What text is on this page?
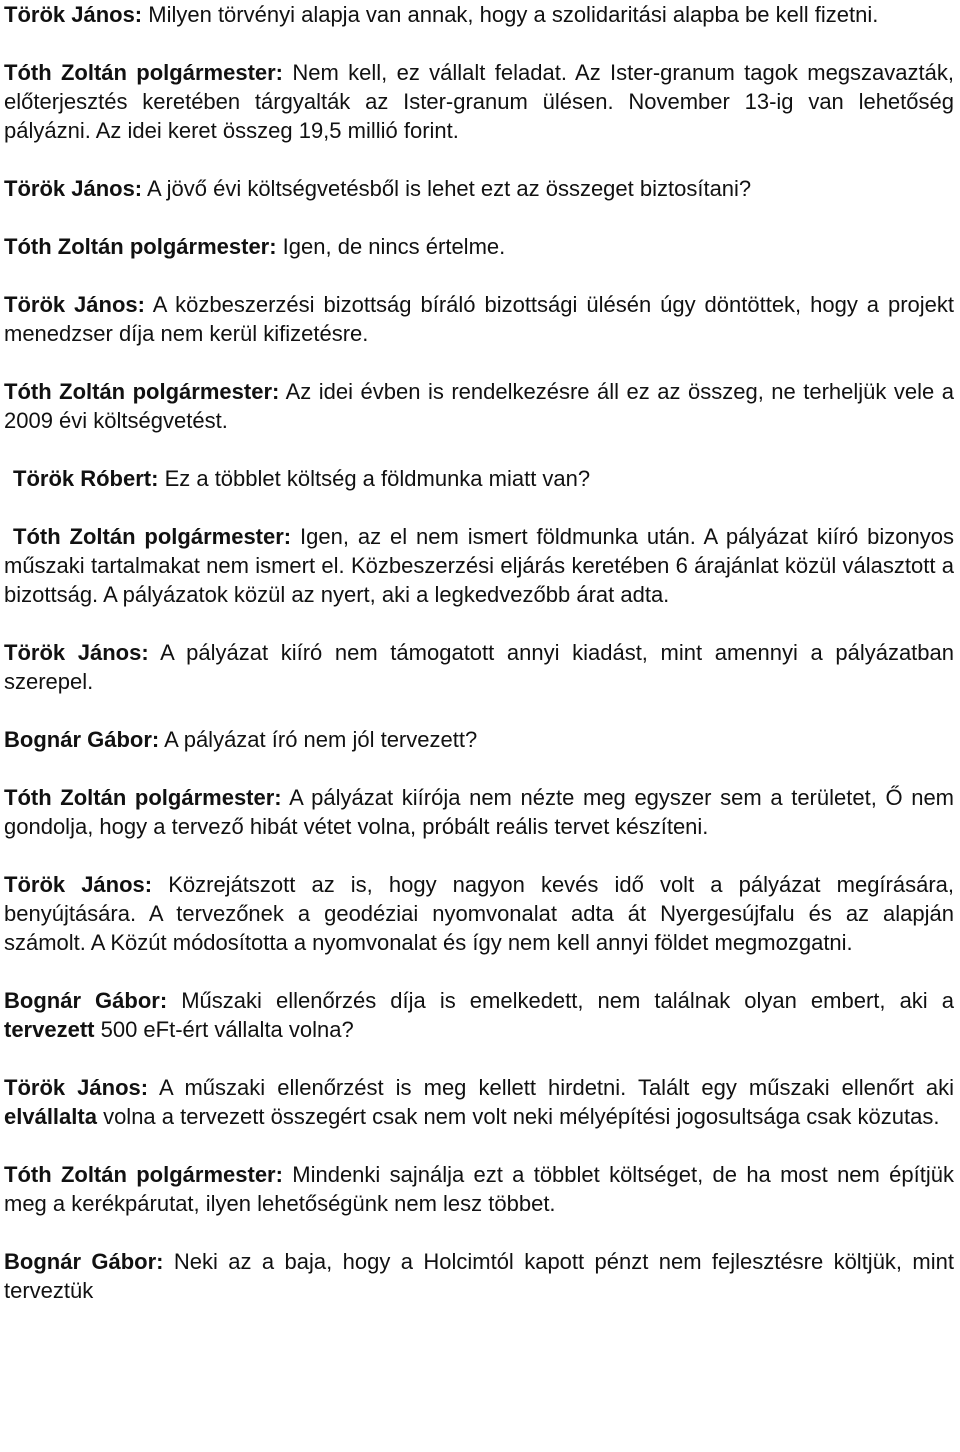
Török János: Milyen törvényi alapja van annak, hogy a szolidaritási alapba be kell fizetni.

Tóth Zoltán polgármester: Nem kell, ez vállalt feladat. Az Ister-granum tagok megszavazták, előterjesztés keretében tárgyalták az Ister-granum ülésen. November 13-ig van lehetőség pályázni. Az idei keret összeg 19,5 millió forint.

Török János: A jövő évi költségvetésből is lehet ezt az összeget biztosítani?

Tóth Zoltán polgármester: Igen, de nincs értelme.

Török János: A közbeszerzési bizottság bíráló bizottsági ülésén úgy döntöttek, hogy a projekt menedzser díja nem kerül kifizetésre.

Tóth Zoltán polgármester: Az idei évben is rendelkezésre áll ez az összeg, ne terheljük vele a 2009 évi költségvetést.

Török Róbert: Ez a többlet költség a földmunka miatt van?

Tóth Zoltán polgármester: Igen, az el nem ismert földmunka után. A pályázat kiíró bizonyos műszaki tartalmakat nem ismert el. Közbeszerzési eljárás keretében 6 árajánlat közül választott a bizottság. A pályázatok közül az nyert, aki a legkedvezőbb árat adta.

Török János: A pályázat kiíró nem támogatott annyi kiadást, mint amennyi a pályázatban szerepel.

Bognár Gábor: A pályázat író nem jól tervezett?

Tóth Zoltán polgármester: A pályázat kiírója nem nézte meg egyszer sem a területet, Ő nem gondolja, hogy a tervező hibát vétet volna, próbált reális tervet készíteni.

Török János: Közrejátszott az is, hogy nagyon kevés idő volt a pályázat megírására, benyújtására. A tervezőnek a geodéziai nyomvonalat adta át Nyergesújfalu és az alapján számolt. A Közút módosította a nyomvonalat és így nem kell annyi földet megmozgatni.

Bognár Gábor: Műszaki ellenőrzés díja is emelkedett, nem találnak olyan embert, aki a tervezett 500 eFt-ért vállalta volna?

Török János: A műszaki ellenőrzést is meg kellett hirdetni. Talált egy műszaki ellenőrt aki elvállalta volna a tervezett összegért csak nem volt neki mélyépítési jogosultsága csak közutas.

Tóth Zoltán polgármester: Mindenki sajnálja ezt a többlet költséget, de ha most nem építjük meg a kerékpárutat, ilyen lehetőségünk nem lesz többet.

Bognár Gábor: Neki az a baja, hogy a Holcimtól kapott pénzt nem fejlesztésre költjük, mint terveztük
